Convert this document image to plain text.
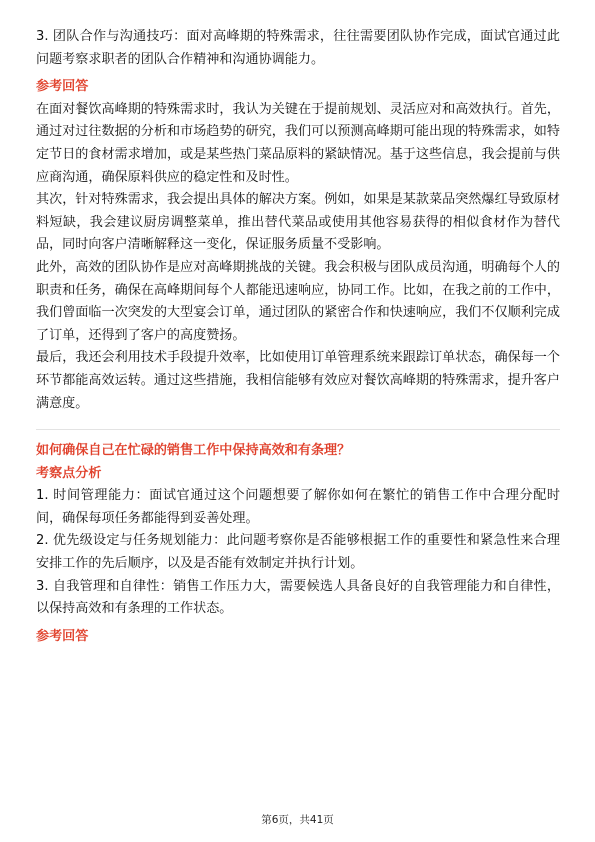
3. 团队合作与沟通技巧：面对高峰期的特殊需求，往往需要团队协作完成，面试官通过此问题考察求职者的团队合作精神和沟通协调能力。

参考回答

在面对餐饮高峰期的特殊需求时，我认为关键在于提前规划、灵活应对和高效执行。首先，通过对过往数据的分析和市场趋势的研究，我们可以预测高峰期可能出现的特殊需求，如特定节日的食材需求增加，或是某些热门菜品原料的紧缺情况。基于这些信息，我会提前与供应商沟通，确保原料供应的稳定性和及时性。

其次，针对特殊需求，我会提出具体的解决方案。例如，如果是某款菜品突然爆红导致原材料短缺，我会建议厨房调整菜单，推出替代菜品或使用其他容易获得的相似食材作为替代品，同时向客户清晰解释这一变化，保证服务质量不受影响。

此外，高效的团队协作是应对高峰期挑战的关键。我会积极与团队成员沟通，明确每个人的职责和任务，确保在高峰期间每个人都能迅速响应，协同工作。比如，在我之前的工作中，我们曾面临一次突发的大型宴会订单，通过团队的紧密合作和快速响应，我们不仅顺利完成了订单，还得到了客户的高度赞扬。

最后，我还会利用技术手段提升效率，比如使用订单管理系统来跟踪订单状态，确保每一个环节都能高效运转。通过这些措施，我相信能够有效应对餐饮高峰期的特殊需求，提升客户满意度。

如何确保自己在忙碌的销售工作中保持高效和有条理？

考察点分析

1. 时间管理能力：面试官通过这个问题想要了解你如何在繁忙的销售工作中合理分配时间，确保每项任务都能得到妥善处理。

2. 优先级设定与任务规划能力：此问题考察你是否能够根据工作的重要性和紧急性来合理安排工作的先后顺序，以及是否能有效制定并执行计划。

3. 自我管理和自律性：销售工作压力大，需要候选人具备良好的自我管理能力和自律性，以保持高效和有条理的工作状态。

参考回答

第6页，共41页
